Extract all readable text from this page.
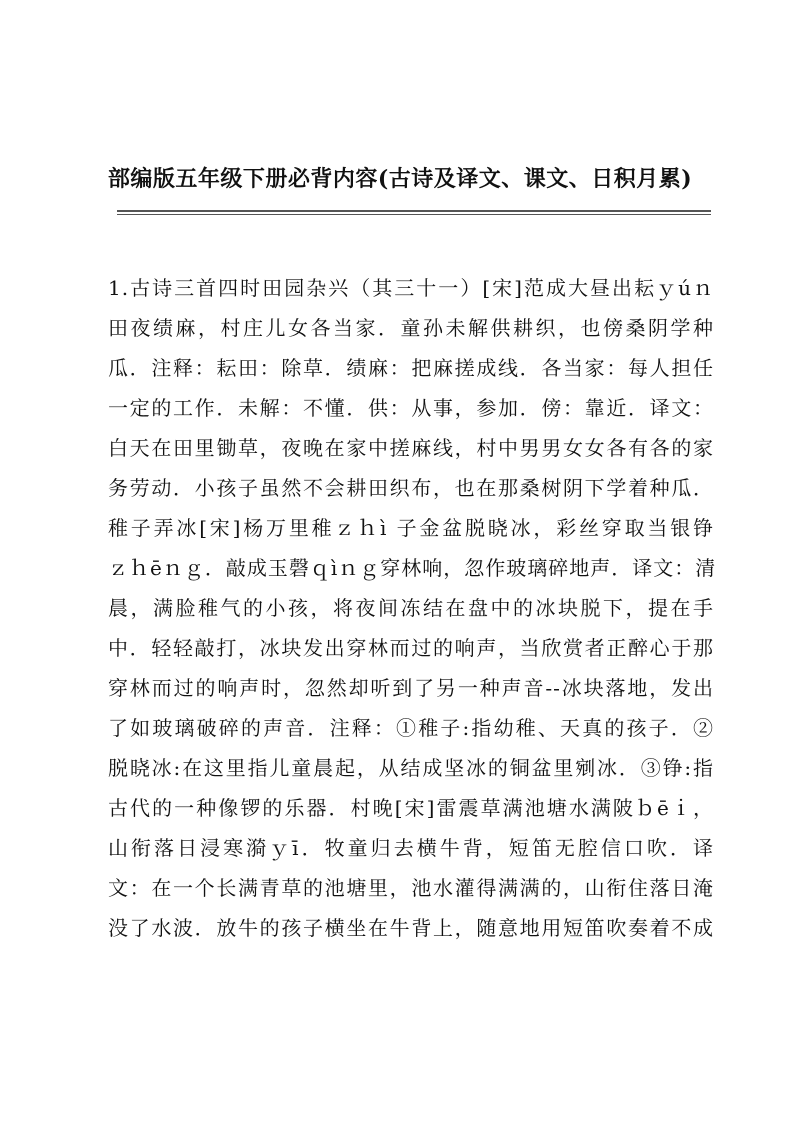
部编版五年级下册必背内容(古诗及译文、课文、日积月累)
1.古诗三首四时田园杂兴（其三十一）[宋]范成大昼出耘ｙúｎ
田夜绩麻，村庄儿女各当家．童孙未解供耕织，也傍桑阴学种
瓜．注释：耘田：除草．绩麻：把麻搓成线．各当家：每人担任
一定的工作．未解：不懂．供：从事，参加．傍：靠近．译文：
白天在田里锄草，夜晚在家中搓麻线，村中男男女女各有各的家
务劳动．小孩子虽然不会耕田织布，也在那桑树阴下学着种瓜．
稚子弄冰[宋]杨万里稚ｚｈì 子金盆脱晓冰，彩丝穿取当银铮
ｚｈēｎｇ．敲成玉磬ｑìｎｇ穿林响，忽作玻璃碎地声．译文：清
晨，满脸稚气的小孩，将夜间冻结在盘中的冰块脱下，提在手
中．轻轻敲打，冰块发出穿林而过的响声，当欣赏者正醉心于那
穿林而过的响声时，忽然却听到了另一种声音--冰块落地，发出
了如玻璃破碎的声音．注释：①稚子:指幼稚、天真的孩子．②
脱晓冰:在这里指儿童晨起，从结成坚冰的铜盆里剜冰．③铮:指
古代的一种像锣的乐器．村晚[宋]雷震草满池塘水满陂ｂēｉ，
山衔落日浸寒漪ｙī．牧童归去横牛背，短笛无腔信口吹．译
文：在一个长满青草的池塘里，池水灌得满满的，山衔住落日淹
没了水波．放牛的孩子横坐在牛背上，随意地用短笛吹奏着不成
